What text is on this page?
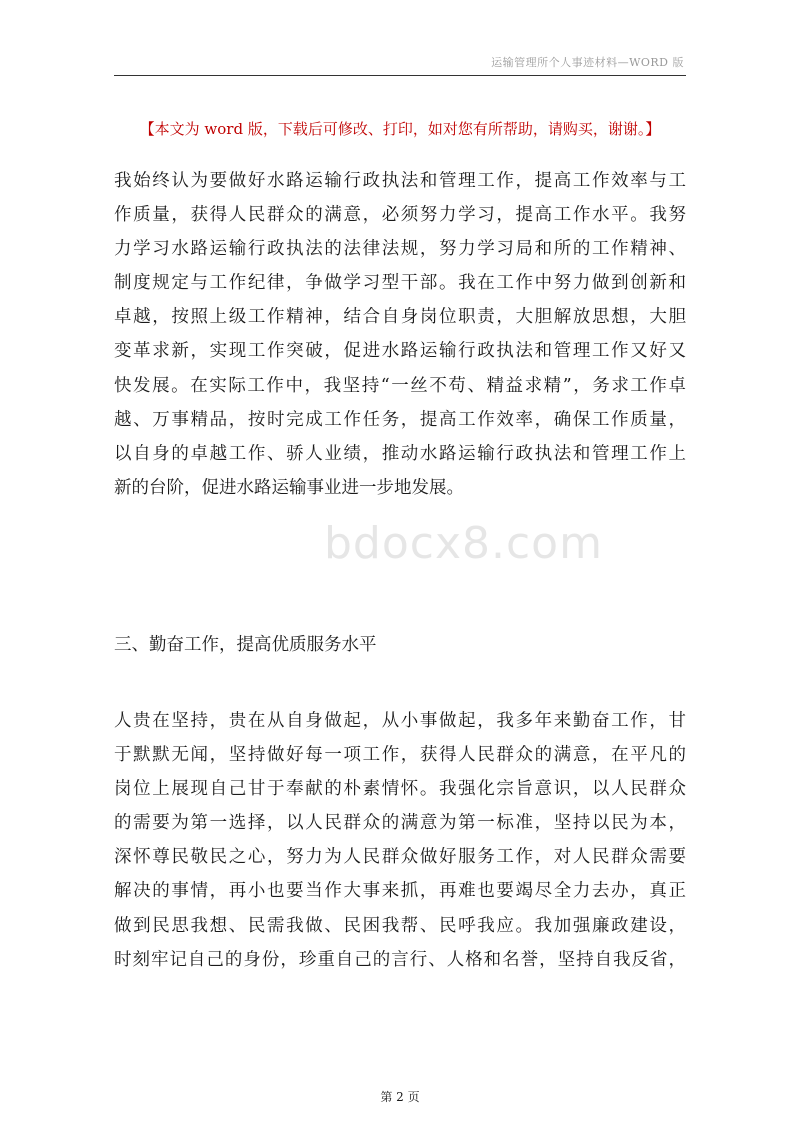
运输管理所个人事迹材料—WORD 版
【本文为 word 版，下载后可修改、打印，如对您有所帮助，请购买，谢谢。】
我始终认为要做好水路运输行政执法和管理工作，提高工作效率与工
作质量，获得人民群众的满意，必须努力学习，提高工作水平。我努
力学习水路运输行政执法的法律法规，努力学习局和所的工作精神、
制度规定与工作纪律，争做学习型干部。我在工作中努力做到创新和
卓越，按照上级工作精神，结合自身岗位职责，大胆解放思想，大胆
变革求新，实现工作突破，促进水路运输行政执法和管理工作又好又
快发展。在实际工作中，我坚持“一丝不苟、精益求精”，务求工作卓
越、万事精品，按时完成工作任务，提高工作效率，确保工作质量，
以自身的卓越工作、骄人业绩，推动水路运输行政执法和管理工作上
新的台阶，促进水路运输事业进一步地发展。
三、勤奋工作，提高优质服务水平
人贵在坚持，贵在从自身做起，从小事做起，我多年来勤奋工作，甘
于默默无闻，坚持做好每一项工作，获得人民群众的满意，在平凡的
岗位上展现自己甘于奉献的朴素情怀。我强化宗旨意识，以人民群众
的需要为第一选择，以人民群众的满意为第一标准，坚持以民为本，
深怀尊民敬民之心，努力为人民群众做好服务工作，对人民群众需要
解决的事情，再小也要当作大事来抓，再难也要竭尽全力去办，真正
做到民思我想、民需我做、民困我帮、民呼我应。我加强廉政建设，
时刻牢记自己的身份，珍重自己的言行、人格和名誉，坚持自我反省，
bdocx8.com
第 2 页
